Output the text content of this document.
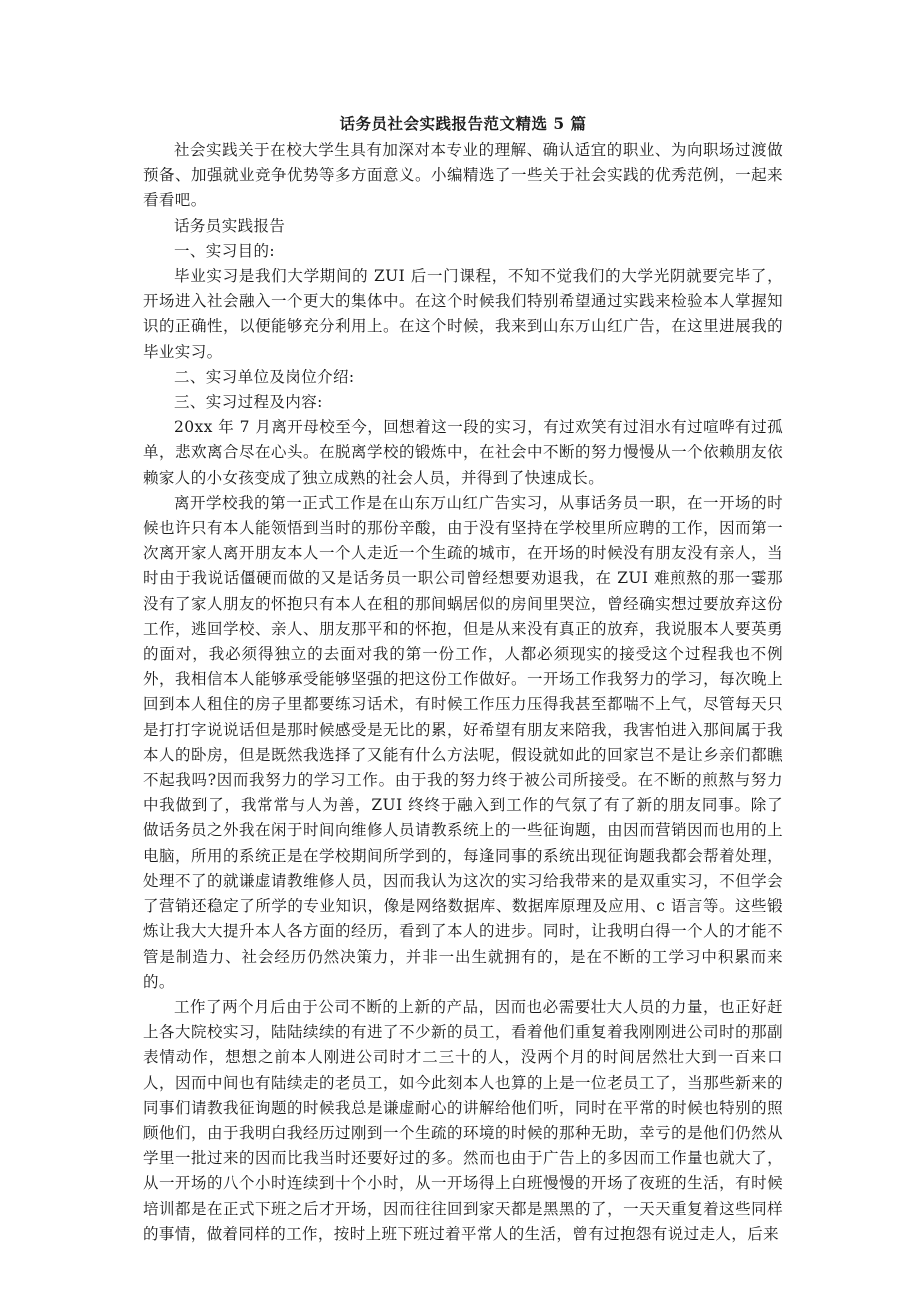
话务员社会实践报告范文精选 5 篇

社会实践关于在校大学生具有加深对本专业的理解、确认适宜的职业、为向职场过渡做预备、加强就业竞争优势等多方面意义。小编精选了一些关于社会实践的优秀范例，一起来看看吧。

话务员实践报告

一、实习目的:

毕业实习是我们大学期间的 ZUI 后一门课程，不知不觉我们的大学光阴就要完毕了，开场进入社会融入一个更大的集体中。在这个时候我们特别希望通过实践来检验本人掌握知识的正确性，以便能够充分利用上。在这个时候，我来到山东万山红广告，在这里进展我的毕业实习。

二、实习单位及岗位介绍:

三、实习过程及内容:

20xx 年 7 月离开母校至今，回想着这一段的实习，有过欢笑有过泪水有过喧哗有过孤单，悲欢离合尽在心头。在脱离学校的锻炼中，在社会中不断的努力慢慢从一个依赖朋友依赖家人的小女孩变成了独立成熟的社会人员，并得到了快速成长。

离开学校我的第一正式工作是在山东万山红广告实习，从事话务员一职，在一开场的时候也许只有本人能领悟到当时的那份辛酸，由于没有坚持在学校里所应聘的工作，因而第一次离开家人离开朋友本人一个人走近一个生疏的城市，在开场的时候没有朋友没有亲人，当时由于我说话僵硬而做的又是话务员一职公司曾经想要劝退我，在 ZUI 难煎熬的那一霎那没有了家人朋友的怀抱只有本人在租的那间蜗居似的房间里哭泣，曾经确实想过要放弃这份工作，逃回学校、亲人、朋友那平和的怀抱，但是从来没有真正的放弃，我说服本人要英勇的面对，我必须得独立的去面对我的第一份工作，人都必须现实的接受这个过程我也不例外，我相信本人能够承受能够坚强的把这份工作做好。一开场工作我努力的学习，每次晚上回到本人租住的房子里都要练习话术，有时候工作压力压得我甚至都喘不上气，尽管每天只是打打字说说话但是那时候感受是无比的累，好希望有朋友来陪我，我害怕进入那间属于我本人的卧房，但是既然我选择了又能有什么方法呢，假设就如此的回家岂不是让乡亲们都瞧不起我吗?因而我努力的学习工作。由于我的努力终于被公司所接受。在不断的煎熬与努力中我做到了，我常常与人为善，ZUI 终终于融入到工作的气氛了有了新的朋友同事。除了做话务员之外我在闲于时间向维修人员请教系统上的一些征询题，由因而营销因而也用的上电脑，所用的系统正是在学校期间所学到的，每逢同事的系统出现征询题我都会帮着处理，处理不了的就谦虚请教维修人员，因而我认为这次的实习给我带来的是双重实习，不但学会了营销还稳定了所学的专业知识，像是网络数据库、数据库原理及应用、c 语言等。这些锻炼让我大大提升本人各方面的经历，看到了本人的进步。同时，让我明白得一个人的才能不管是制造力、社会经历仍然决策力，并非一出生就拥有的，是在不断的工学习中积累而来的。

工作了两个月后由于公司不断的上新的产品，因而也必需要壮大人员的力量，也正好赶上各大院校实习，陆陆续续的有进了不少新的员工，看着他们重复着我刚刚进公司时的那副表情动作，想想之前本人刚进公司时才二三十的人，没两个月的时间居然壮大到一百来口人，因而中间也有陆续走的老员工，如今此刻本人也算的上是一位老员工了，当那些新来的同事们请教我征询题的时候我总是谦虚耐心的讲解给他们听，同时在平常的时候也特别的照顾他们，由于我明白我经历过刚到一个生疏的环境的时候的那种无助，幸亏的是他们仍然从学里一批过来的因而比我当时还要好过的多。然而也由于广告上的多因而工作量也就大了，从一开场的八个小时连续到十个小时，从一开场得上白班慢慢的开场了夜班的生活，有时候培训都是在正式下班之后才开场，因而往往回到家天都是黑黑的了，一天天重复着这些同样的事情，做着同样的工作，按时上班下班过着平常人的生活，曾有过抱怨有说过走人，后来
